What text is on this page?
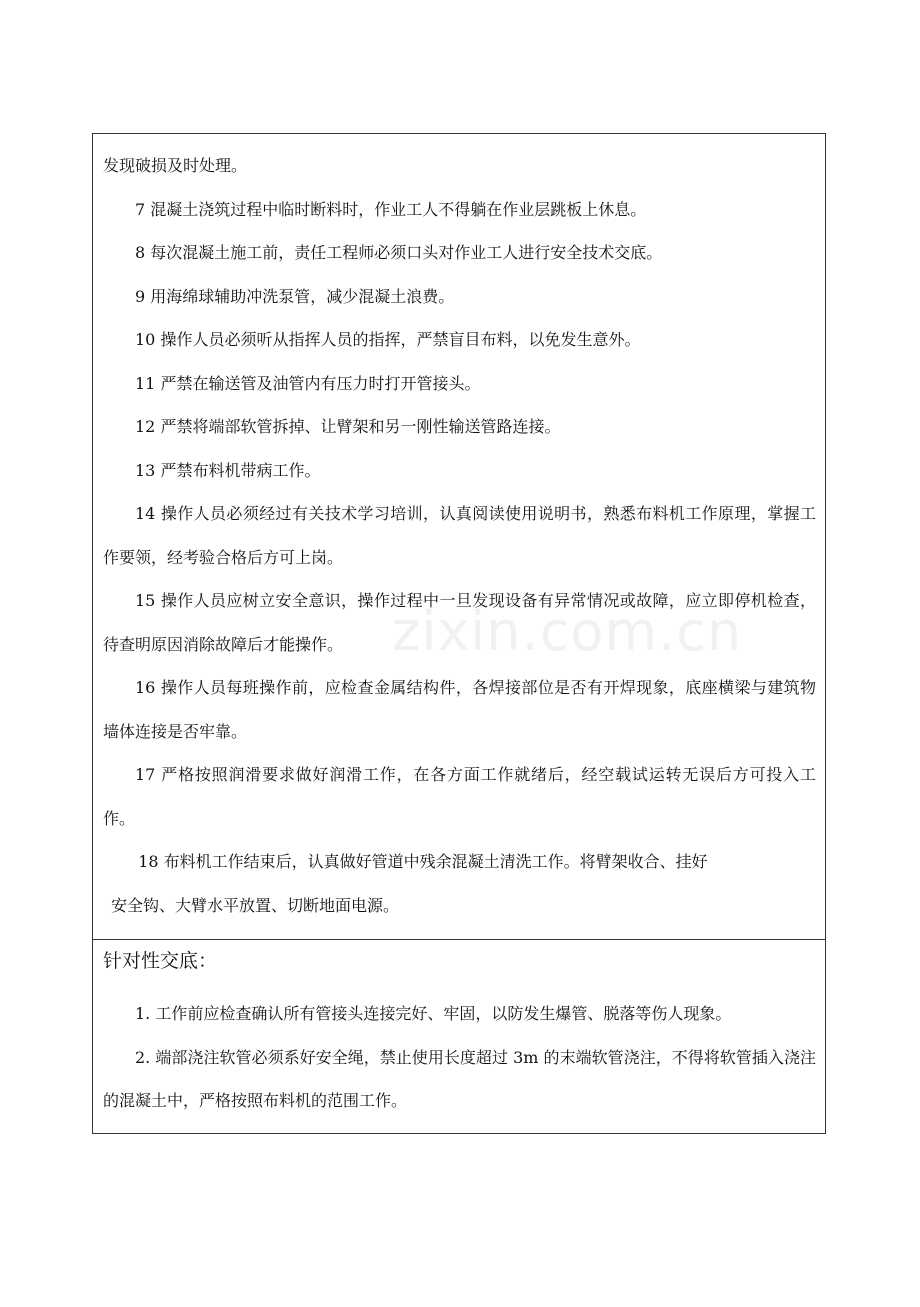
发现破损及时处理。

7 混凝土浇筑过程中临时断料时，作业工人不得躺在作业层跳板上休息。

8 每次混凝土施工前，责任工程师必须口头对作业工人进行安全技术交底。

9 用海绵球辅助冲洗泵管，减少混凝土浪费。

10 操作人员必须听从指挥人员的指挥，严禁盲目布料，以免发生意外。

11 严禁在输送管及油管内有压力时打开管接头。

12 严禁将端部软管拆掉、让臂架和另一刚性输送管路连接。

13 严禁布料机带病工作。

14 操作人员必须经过有关技术学习培训，认真阅读使用说明书，熟悉布料机工作原理，掌握工作要领，经考验合格后方可上岗。

15 操作人员应树立安全意识，操作过程中一旦发现设备有异常情况或故障，应立即停机检查，待查明原因消除故障后才能操作。

16 操作人员每班操作前，应检查金属结构件，各焊接部位是否有开焊现象，底座横梁与建筑物墙体连接是否牢靠。

17 严格按照润滑要求做好润滑工作，在各方面工作就绪后，经空载试运转无误后方可投入工作。

18 布料机工作结束后，认真做好管道中残余混凝土清洗工作。将臂架收合、挂好

安全钩、大臂水平放置、切断地面电源。

针对性交底：

1. 工作前应检查确认所有管接头连接完好、牢固，以防发生爆管、脱落等伤人现象。

2. 端部浇注软管必须系好安全绳，禁止使用长度超过 3m 的末端软管浇注，不得将软管插入浇注的混凝土中，严格按照布料机的范围工作。

zixin.com.cn
